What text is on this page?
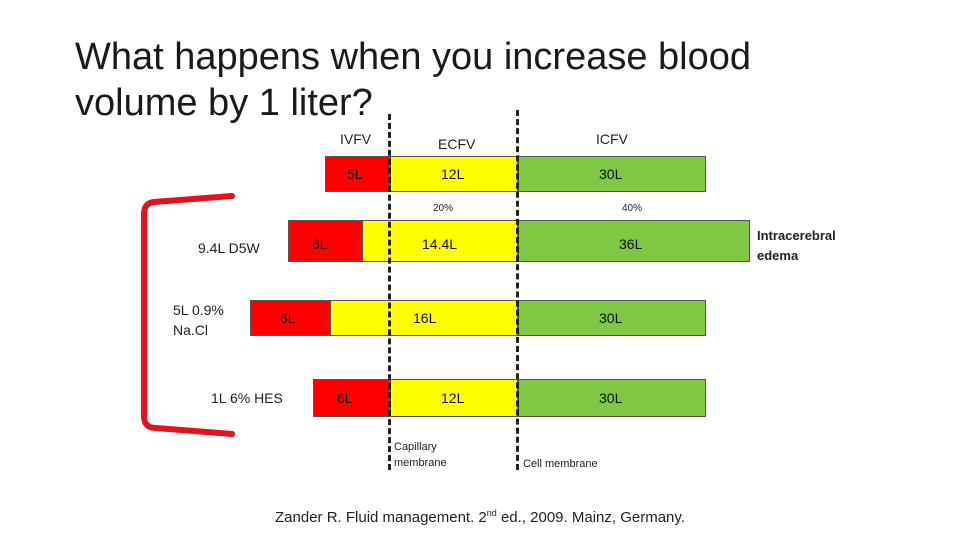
What happens when you increase blood volume by 1 liter?
IVFV	ECFV	ICFV
5L	12L	30L
20%	40%
9.4L D5W	6L	14.4L	36L
Intracerebral
edema
5L 0.9%
Na.Cl
6L	16L	30L
1L 6% HES	6L	12L	30L
Capillary
membrane	Cell membrane
Zander R. Fluid management. 2nd ed., 2009. Mainz, Germany.
